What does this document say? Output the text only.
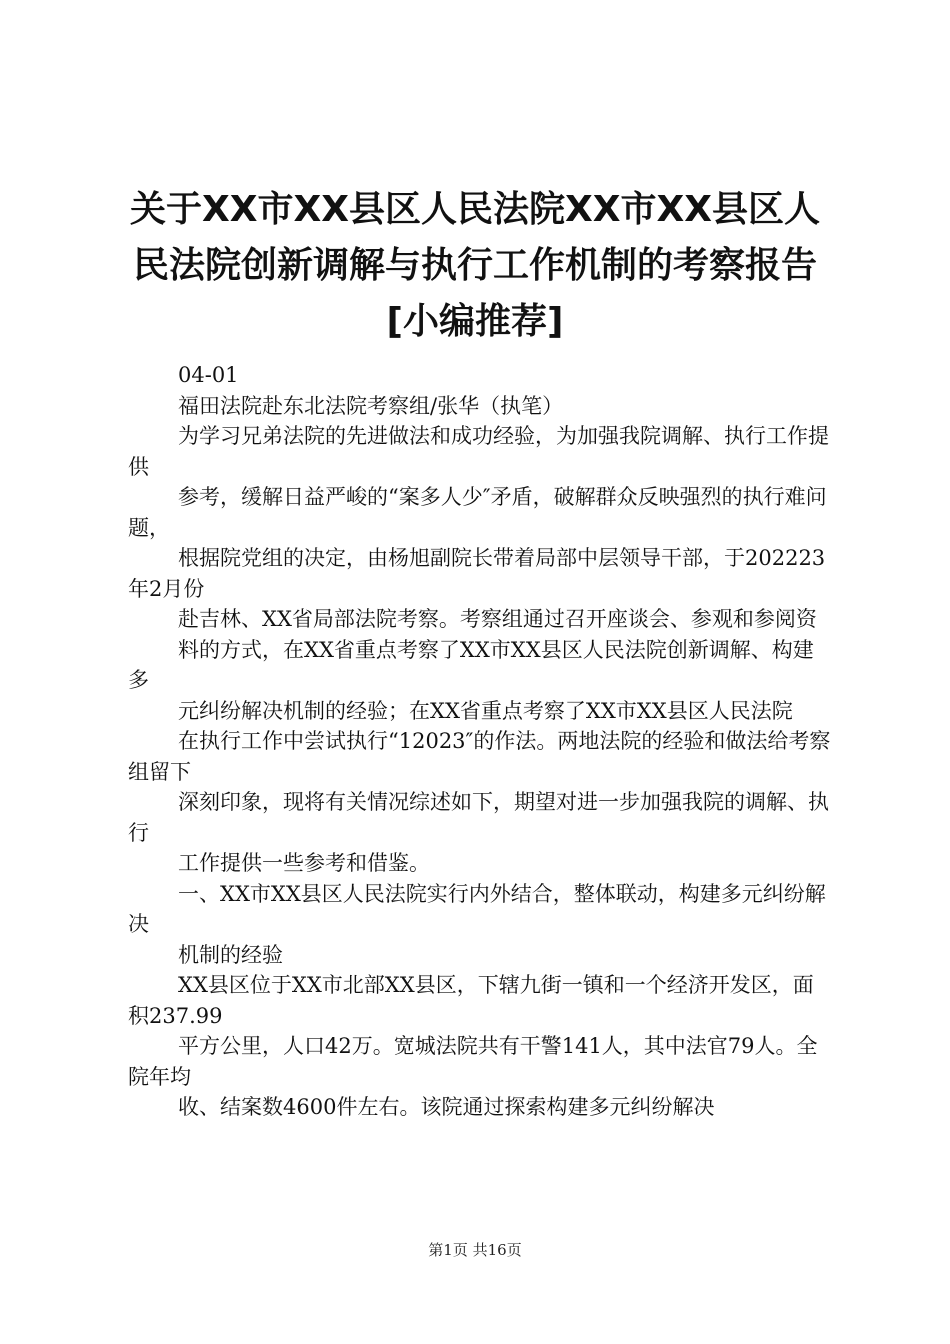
关于XX市XX县区人民法院XX市XX县区人民法院创新调解与执行工作机制的考察报告[小编推荐]

04-01

福田法院赴东北法院考察组/张华（执笔）

为学习兄弟法院的先进做法和成功经验，为加强我院调解、执行工作提供

参考，缓解日益严峻的“案多人少″矛盾，破解群众反映强烈的执行难问题，

根据院党组的决定，由杨旭副院长带着局部中层领导干部，于202223年2月份

赴吉林、XX省局部法院考察。考察组通过召开座谈会、参观和参阅资

料的方式，在XX省重点考察了XX市XX县区人民法院创新调解、构建多

元纠纷解决机制的经验；在XX省重点考察了XX市XX县区人民法院

在执行工作中尝试执行“12023″的作法。两地法院的经验和做法给考察组留下

深刻印象，现将有关情况综述如下，期望对进一步加强我院的调解、执行

工作提供一些参考和借鉴。

一、XX市XX县区人民法院实行内外结合，整体联动，构建多元纠纷解决

机制的经验

XX县区位于XX市北部XX县区，下辖九街一镇和一个经济开发区，面积237.99

平方公里，人口42万。宽城法院共有干警141人，其中法官79人。全院年均

收、结案数4600件左右。该院通过探索构建多元纠纷解决

第1页 共16页
